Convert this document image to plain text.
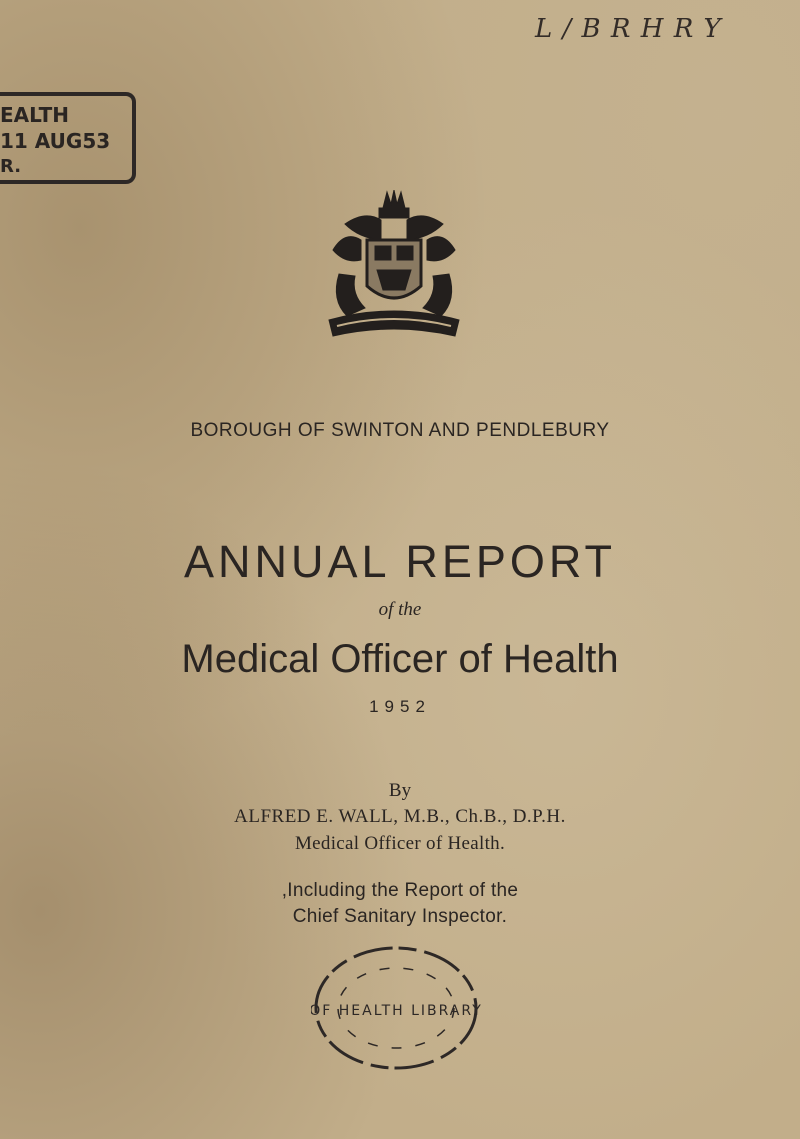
L / B R H R Y
EALTH
11 AUG53
R.
BOROUGH OF SWINTON AND PENDLEBURY
ANNUAL REPORT
of the
Medical Officer of Health
1952
By
ALFRED E. WALL, M.B., Ch.B., D.P.H.
Medical Officer of Health.
,Including the Report of the
Chief Sanitary Inspector.
OF HEALTH LIBRARY
